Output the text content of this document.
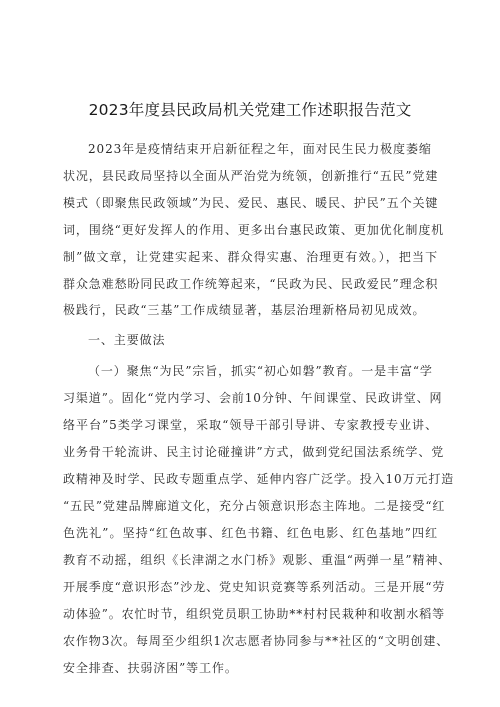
2023年度县民政局机关党建工作述职报告范文
2023年是疫情结束开启新征程之年，面对民生民力极度萎缩
状况，县民政局坚持以全面从严治党为统领，创新推行“五民”党建
模式（即聚焦民政领域”为民、爱民、惠民、暖民、护民”五个关键
词，围绕“更好发挥人的作用、更多出台惠民政策、更加优化制度机
制”做文章，让党建实起来、群众得实惠、治理更有效。），把当下
群众急难愁盼同民政工作统筹起来，“民政为民、民政爱民”理念积
极践行，民政“三基”工作成绩显著，基层治理新格局初见成效。
一、主要做法
（一）聚焦“为民”宗旨，抓实“初心如磐”教育。一是丰富“学
习渠道”。固化“党内学习、会前10分钟、午间课堂、民政讲堂、网
络平台”5类学习课堂，采取“领导干部引导讲、专家教授专业讲、
业务骨干轮流讲、民主讨论碰撞讲”方式，做到党纪国法系统学、党
政精神及时学、民政专题重点学、延伸内容广泛学。投入10万元打造
“五民”党建品牌廊道文化，充分占领意识形态主阵地。二是接受“红
色洗礼”。坚持“红色故事、红色书籍、红色电影、红色基地”四红
教育不动摇，组织《长津湖之水门桥》观影、重温“两弹一星”精神、
开展季度“意识形态”沙龙、党史知识竞赛等系列活动。三是开展“劳
动体验”。农忙时节，组织党员职工协助**村村民栽种和收割水稻等
农作物3次。每周至少组织1次志愿者协同参与**社区的“文明创建、
安全排查、扶弱济困”等工作。
